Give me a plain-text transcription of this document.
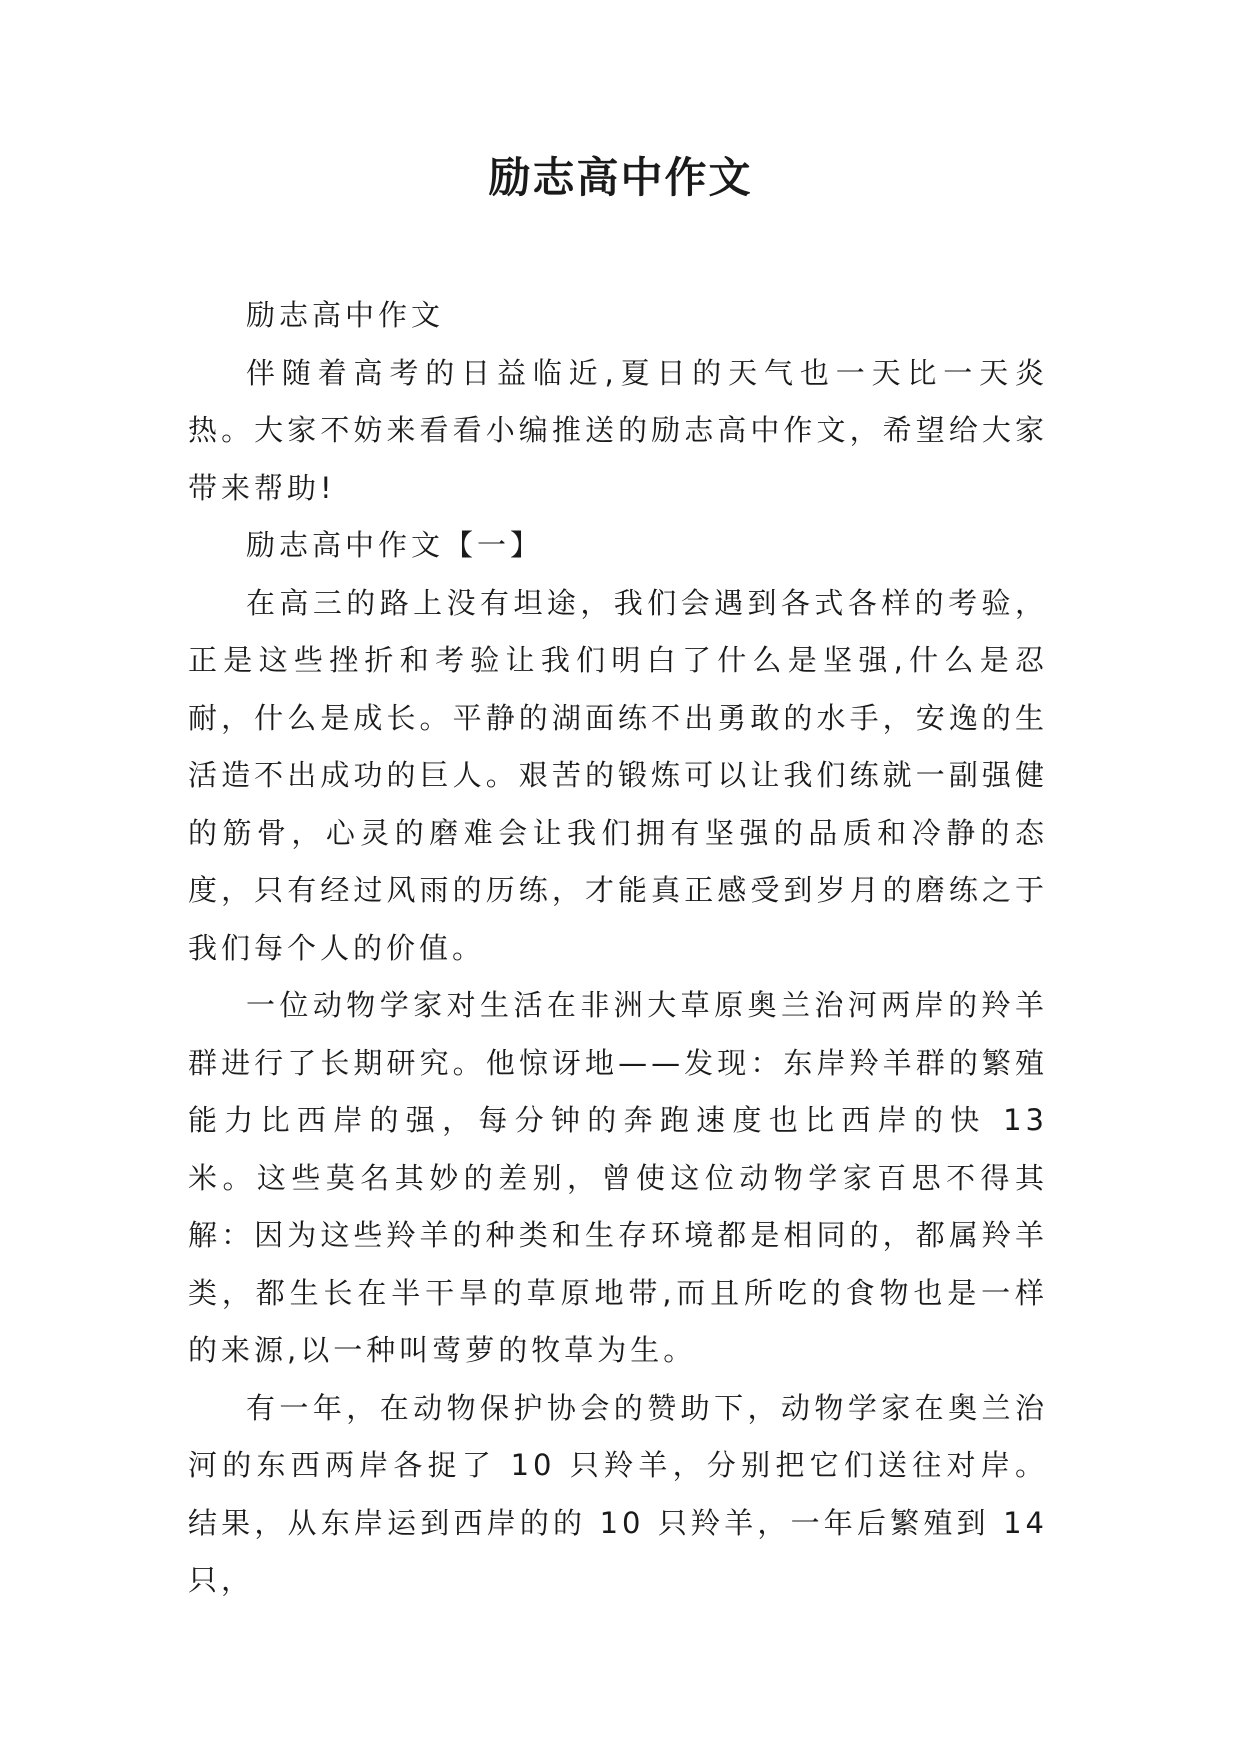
励志高中作文

励志高中作文

伴随着高考的日益临近,夏日的天气也一天比一天炎热。大家不妨来看看小编推送的励志高中作文，希望给大家带来帮助!

励志高中作文【一】

在高三的路上没有坦途，我们会遇到各式各样的考验，正是这些挫折和考验让我们明白了什么是坚强,什么是忍耐，什么是成长。平静的湖面练不出勇敢的水手，安逸的生活造不出成功的巨人。艰苦的锻炼可以让我们练就一副强健的筋骨，心灵的磨难会让我们拥有坚强的品质和冷静的态度，只有经过风雨的历练，才能真正感受到岁月的磨练之于我们每个人的价值。

一位动物学家对生活在非洲大草原奥兰治河两岸的羚羊群进行了长期研究。他惊讶地——发现：东岸羚羊群的繁殖能力比西岸的强，每分钟的奔跑速度也比西岸的快 13 米。这些莫名其妙的差别，曾使这位动物学家百思不得其解：因为这些羚羊的种类和生存环境都是相同的，都属羚羊类，都生长在半干旱的草原地带,而且所吃的食物也是一样的来源,以一种叫莺萝的牧草为生。

有一年，在动物保护协会的赞助下，动物学家在奥兰治河的东西两岸各捉了 10 只羚羊，分别把它们送往对岸。结果，从东岸运到西岸的的 10 只羚羊，一年后繁殖到 14 只，
